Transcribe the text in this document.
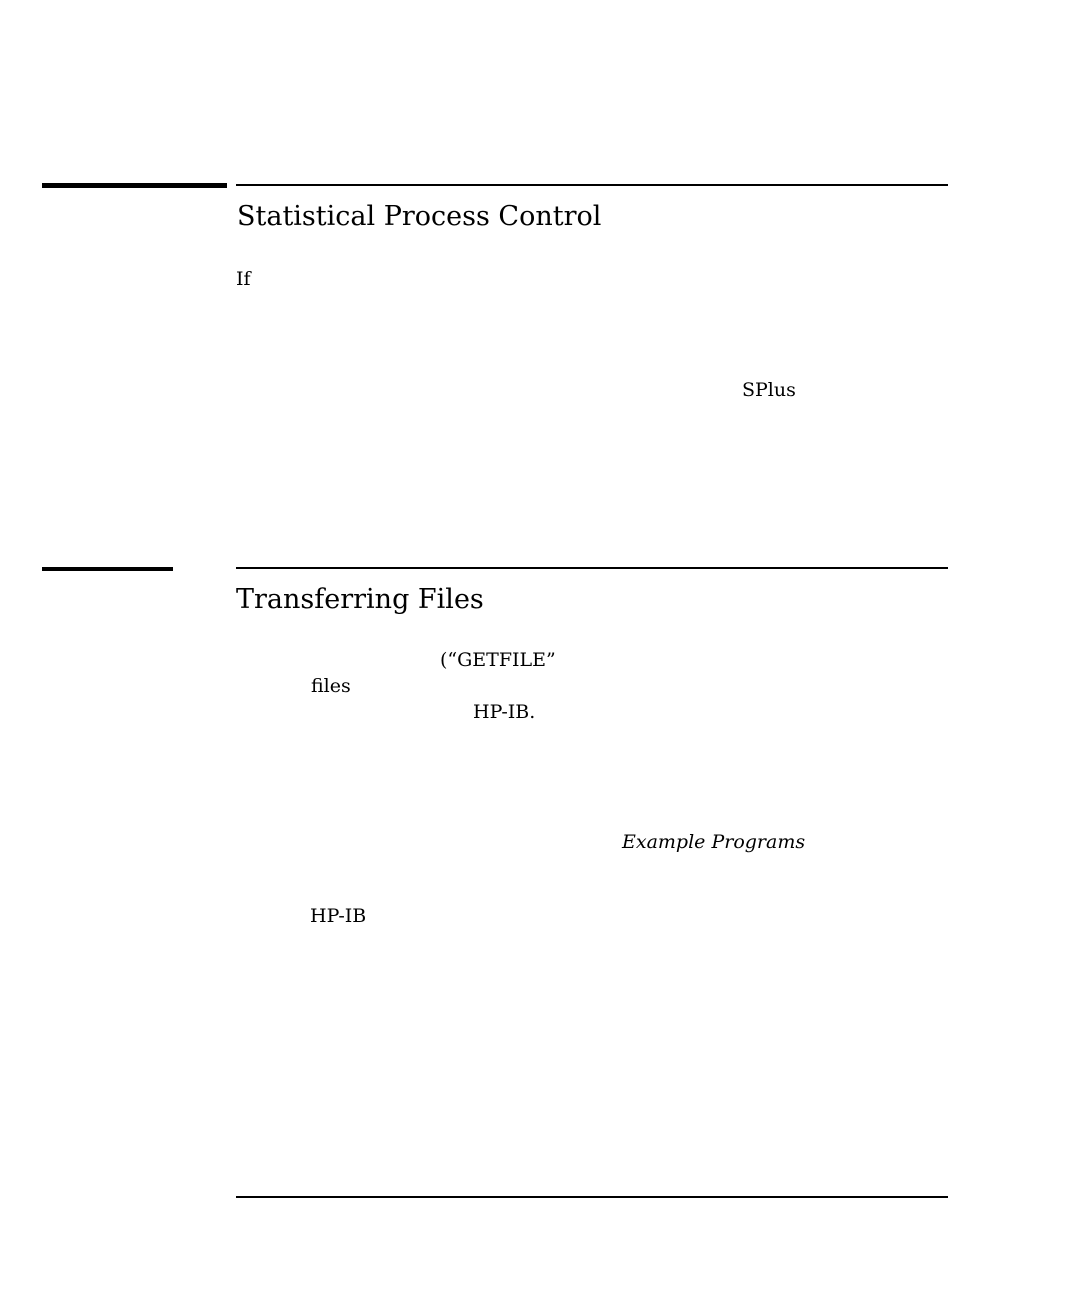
Statistical Process Control
If
SPlus
Transferring Files
(“GETFILE”
files
HP-IB.
Example Programs
HP-IB
